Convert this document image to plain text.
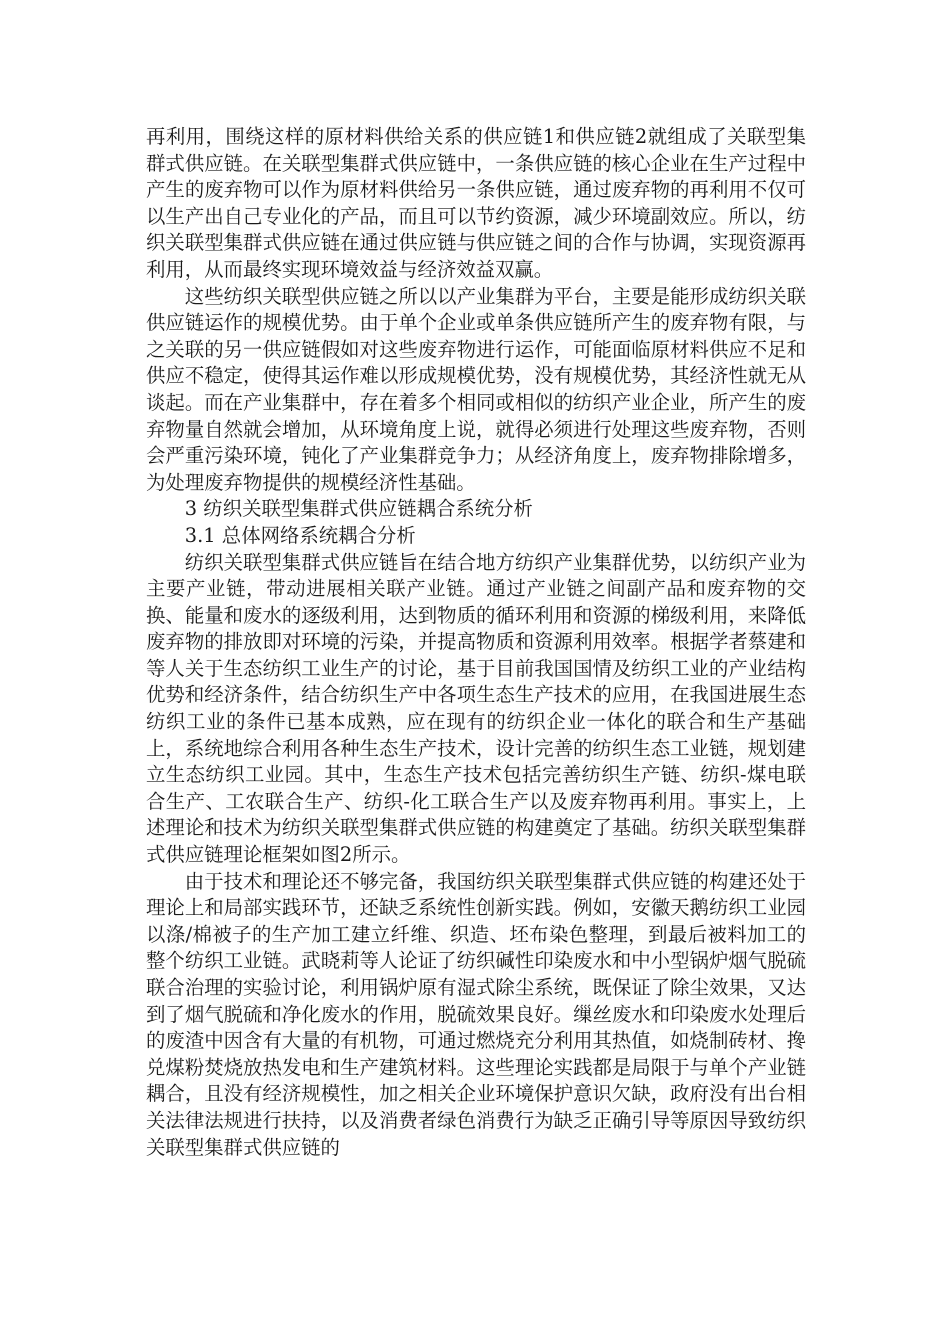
再利用，围绕这样的原材料供给关系的供应链1和供应链2就组成了关联型集群式供应链。在关联型集群式供应链中，一条供应链的核心企业在生产过程中产生的废弃物可以作为原材料供给另一条供应链，通过废弃物的再利用不仅可以生产出自己专业化的产品，而且可以节约资源，减少环境副效应。所以，纺织关联型集群式供应链在通过供应链与供应链之间的合作与协调，实现资源再利用，从而最终实现环境效益与经济效益双赢。

这些纺织关联型供应链之所以以产业集群为平台，主要是能形成纺织关联供应链运作的规模优势。由于单个企业或单条供应链所产生的废弃物有限，与之关联的另一供应链假如对这些废弃物进行运作，可能面临原材料供应不足和供应不稳定，使得其运作难以形成规模优势，没有规模优势，其经济性就无从谈起。而在产业集群中，存在着多个相同或相似的纺织产业企业，所产生的废弃物量自然就会增加，从环境角度上说，就得必须进行处理这些废弃物，否则会严重污染环境，钝化了产业集群竞争力；从经济角度上，废弃物排除增多，为处理废弃物提供的规模经济性基础。

3 纺织关联型集群式供应链耦合系统分析

3.1 总体网络系统耦合分析

纺织关联型集群式供应链旨在结合地方纺织产业集群优势，以纺织产业为主要产业链，带动进展相关联产业链。通过产业链之间副产品和废弃物的交换、能量和废水的逐级利用，达到物质的循环利用和资源的梯级利用，来降低废弃物的排放即对环境的污染，并提高物质和资源利用效率。根据学者蔡建和等人关于生态纺织工业生产的讨论，基于目前我国国情及纺织工业的产业结构优势和经济条件，结合纺织生产中各项生态生产技术的应用，在我国进展生态纺织工业的条件已基本成熟，应在现有的纺织企业一体化的联合和生产基础上，系统地综合利用各种生态生产技术，设计完善的纺织生态工业链，规划建立生态纺织工业园。其中，生态生产技术包括完善纺织生产链、纺织-煤电联合生产、工农联合生产、纺织-化工联合生产以及废弃物再利用。事实上，上述理论和技术为纺织关联型集群式供应链的构建奠定了基础。纺织关联型集群式供应链理论框架如图2所示。

由于技术和理论还不够完备，我国纺织关联型集群式供应链的构建还处于理论上和局部实践环节，还缺乏系统性创新实践。例如，安徽天鹅纺织工业园以涤/棉被子的生产加工建立纤维、织造、坯布染色整理，到最后被料加工的整个纺织工业链。武晓莉等人论证了纺织碱性印染废水和中小型锅炉烟气脱硫联合治理的实验讨论，利用锅炉原有湿式除尘系统，既保证了除尘效果，又达到了烟气脱硫和净化废水的作用，脱硫效果良好。缫丝废水和印染废水处理后的废渣中因含有大量的有机物，可通过燃烧充分利用其热值，如烧制砖材、搀兑煤粉焚烧放热发电和生产建筑材料。这些理论实践都是局限于与单个产业链耦合，且没有经济规模性，加之相关企业环境保护意识欠缺，政府没有出台相关法律法规进行扶持，以及消费者绿色消费行为缺乏正确引导等原因导致纺织关联型集群式供应链的
